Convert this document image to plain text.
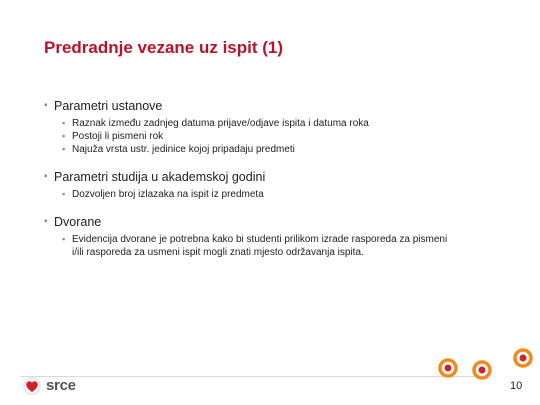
Predradnje vezane uz ispit (1)
▪ Parametri ustanove
▪ Raznak između zadnjeg datuma prijave/odjave ispita i datuma roka
▪ Postoji li pismeni rok
▪ Najuža vrsta ustr. jedinice kojoj pripadaju predmeti
▪ Parametri studija u akademskoj godini
▪ Dozvoljen broj izlazaka na ispit iz predmeta
▪ Dvorane
▪ Evidencija dvorane je potrebna kako bi studenti prilikom izrade rasporeda za pismeni
i/ili rasporeda za usmeni ispit mogli znati mjesto održavanja ispita.
srce	10
